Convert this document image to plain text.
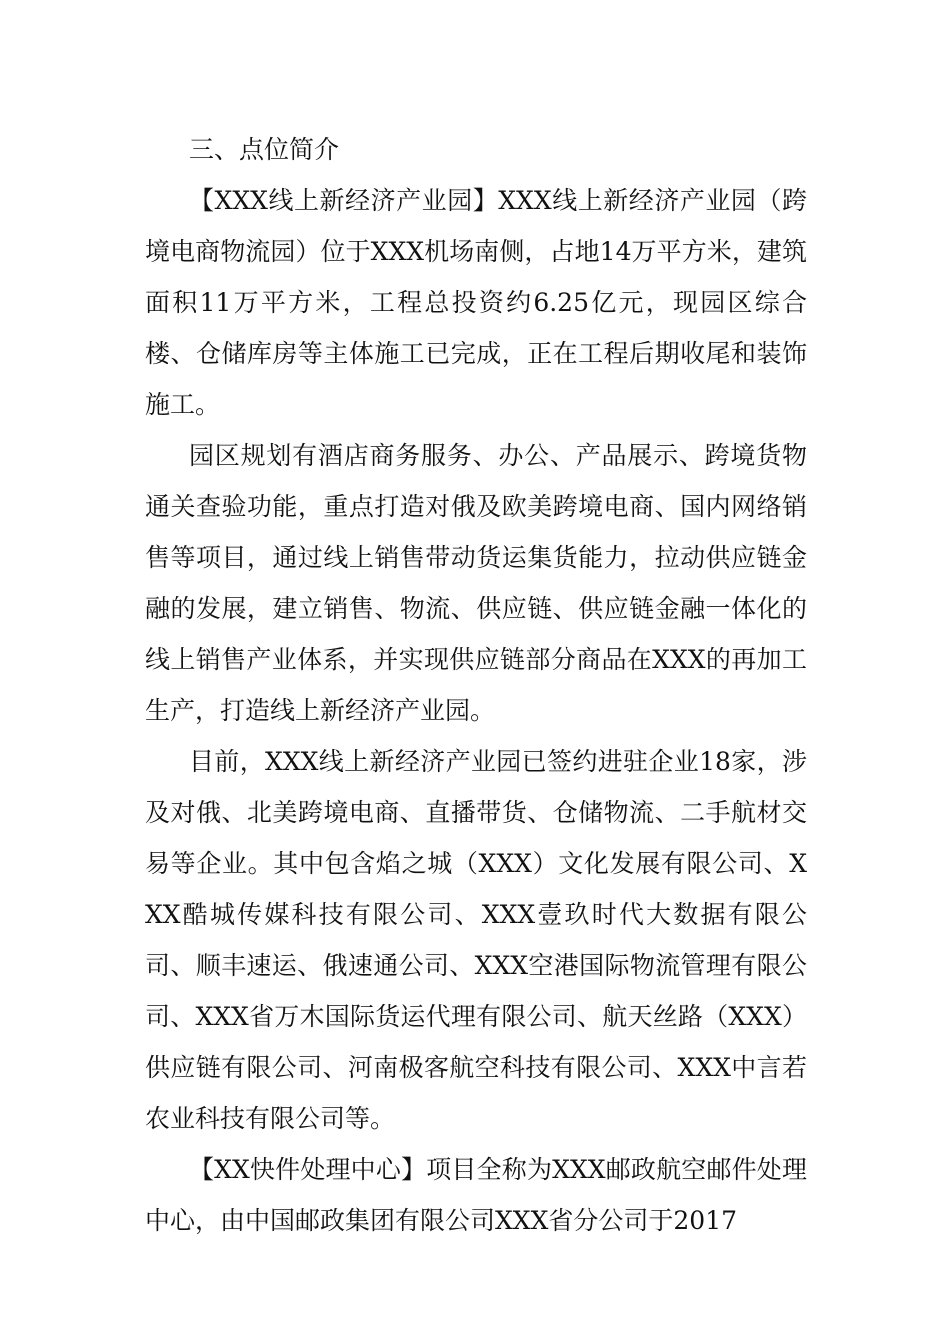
三、点位简介

【XXX线上新经济产业园】XXX线上新经济产业园（跨境电商物流园）位于XXX机场南侧，占地14万平方米，建筑面积11万平方米，工程总投资约6.25亿元，现园区综合楼、仓储库房等主体施工已完成，正在工程后期收尾和装饰施工。

园区规划有酒店商务服务、办公、产品展示、跨境货物通关查验功能，重点打造对俄及欧美跨境电商、国内网络销售等项目，通过线上销售带动货运集货能力，拉动供应链金融的发展，建立销售、物流、供应链、供应链金融一体化的线上销售产业体系，并实现供应链部分商品在XXX的再加工生产，打造线上新经济产业园。

目前，XXX线上新经济产业园已签约进驻企业18家，涉及对俄、北美跨境电商、直播带货、仓储物流、二手航材交易等企业。其中包含焰之城（XXX）文化发展有限公司、XXX酷城传媒科技有限公司、XXX壹玖时代大数据有限公司、顺丰速运、俄速通公司、XXX空港国际物流管理有限公司、XXX省万木国际货运代理有限公司、航天丝路（XXX）供应链有限公司、河南极客航空科技有限公司、XXX中言若农业科技有限公司等。

【XX快件处理中心】项目全称为XXX邮政航空邮件处理中心，由中国邮政集团有限公司XXX省分公司于2017
